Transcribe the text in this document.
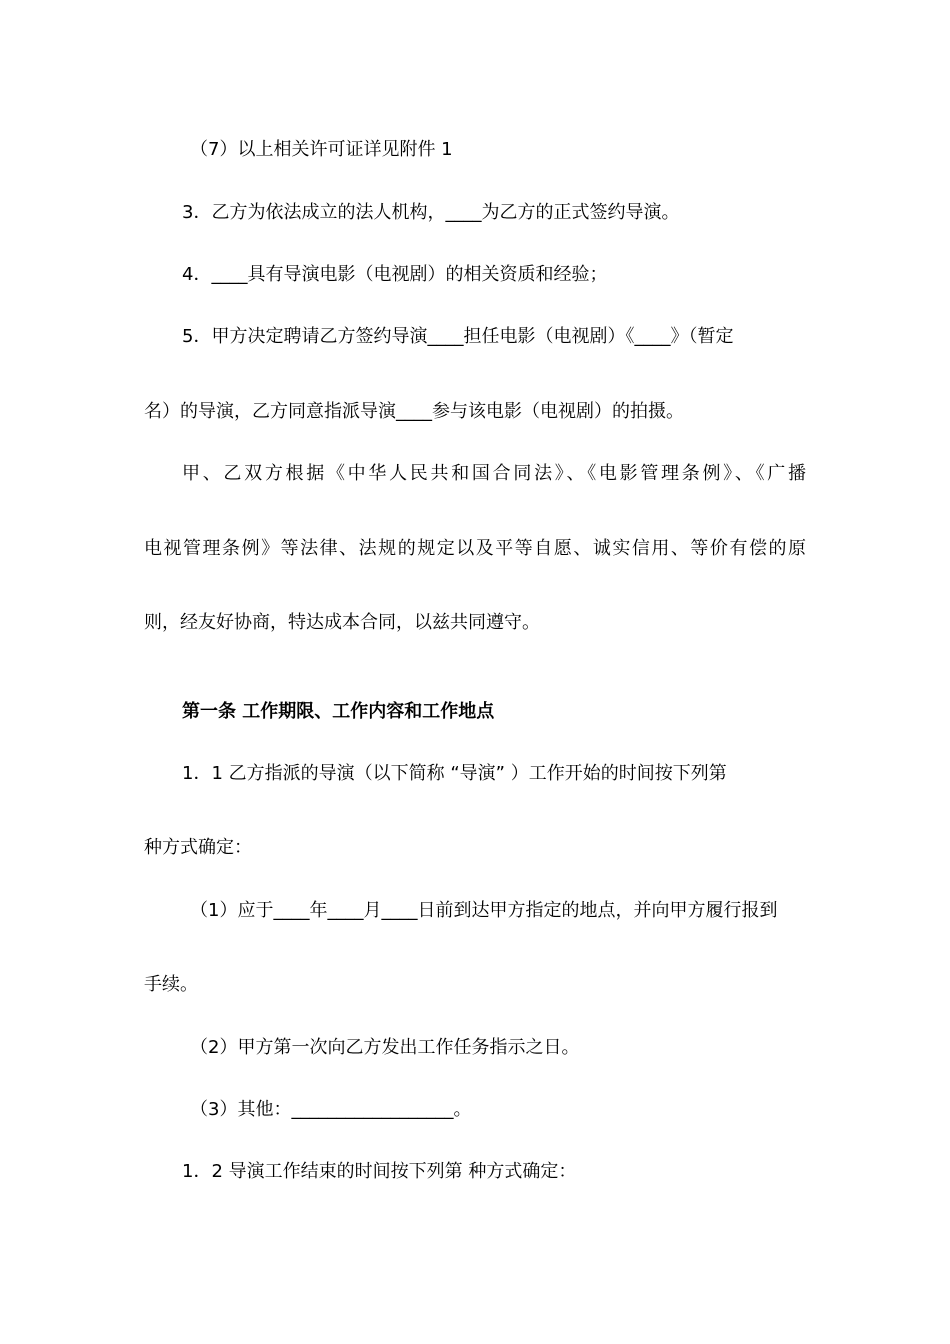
（7）以上相关许可证详见附件 1
3．乙方为依法成立的法人机构，____为乙方的正式签约导演。
4．____具有导演电影（电视剧）的相关资质和经验；
5．甲方决定聘请乙方签约导演____担任电影（电视剧）《____》（暂定
名）的导演，乙方同意指派导演____参与该电影（电视剧）的拍摄。
甲、乙双方根据《中华人民共和国合同法》、《电影管理条例》、《广播
电视管理条例》等法律、法规的规定以及平等自愿、诚实信用、等价有偿的原
则，经友好协商，特达成本合同，以兹共同遵守。
第一条 工作期限、工作内容和工作地点
1．1 乙方指派的导演（以下简称 “导演” ）工作开始的时间按下列第
种方式确定：
（1）应于____年____月____日前到达甲方指定的地点，并向甲方履行报到
手续。
（2）甲方第一次向乙方发出工作任务指示之日。
（3）其他：__________________。
1．2 导演工作结束的时间按下列第 种方式确定：
